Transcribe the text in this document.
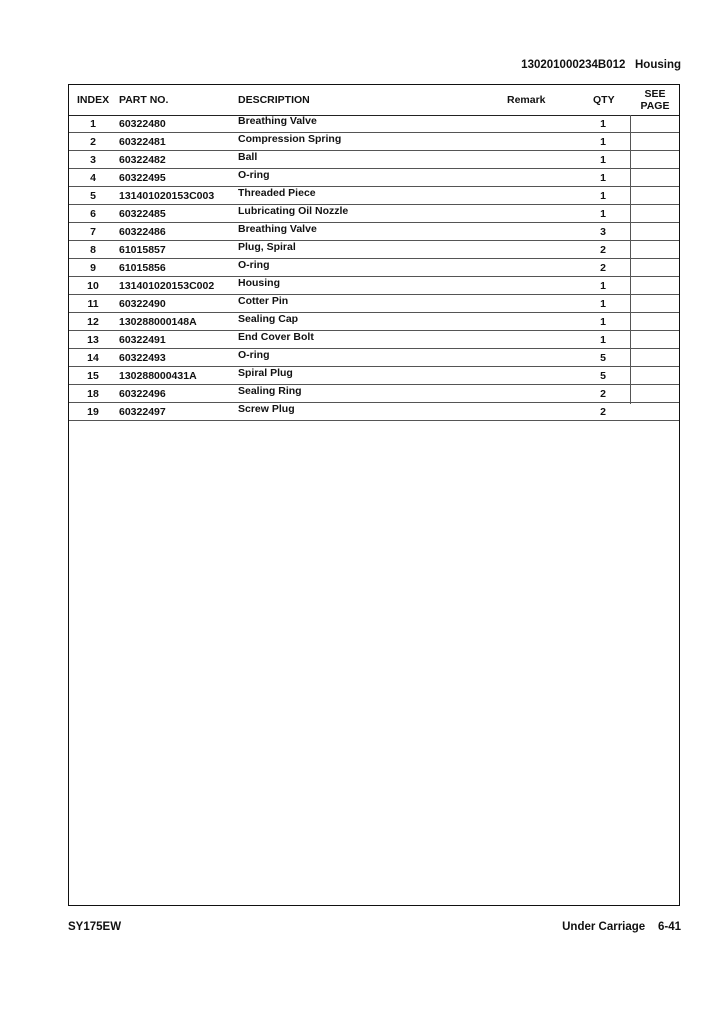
130201000234B012   Housing
INDEX PART NO.	DESCRIPTION	Remark	QTY	SEE
PAGE
1	60322480	Breathing Valve	1
2	60322481	Compression Spring	1
3	60322482	Ball	1
4	60322495	O-ring	1
5	131401020153C003 Threaded Piece	1
6	60322485	Lubricating Oil Nozzle	1
7	60322486	Breathing Valve	3
8	61015857	Plug, Spiral	2
9	61015856	O-ring	2
10	131401020153C002 Housing	1
11	60322490	Cotter Pin	1
12	130288000148A	Sealing Cap	1
13	60322491	End Cover Bolt	1
14	60322493	O-ring	5
15	130288000431A	Spiral Plug	5
18	60322496	Sealing Ring	2
19	60322497	Screw Plug	2
SY175EW	Under Carriage    6-41
